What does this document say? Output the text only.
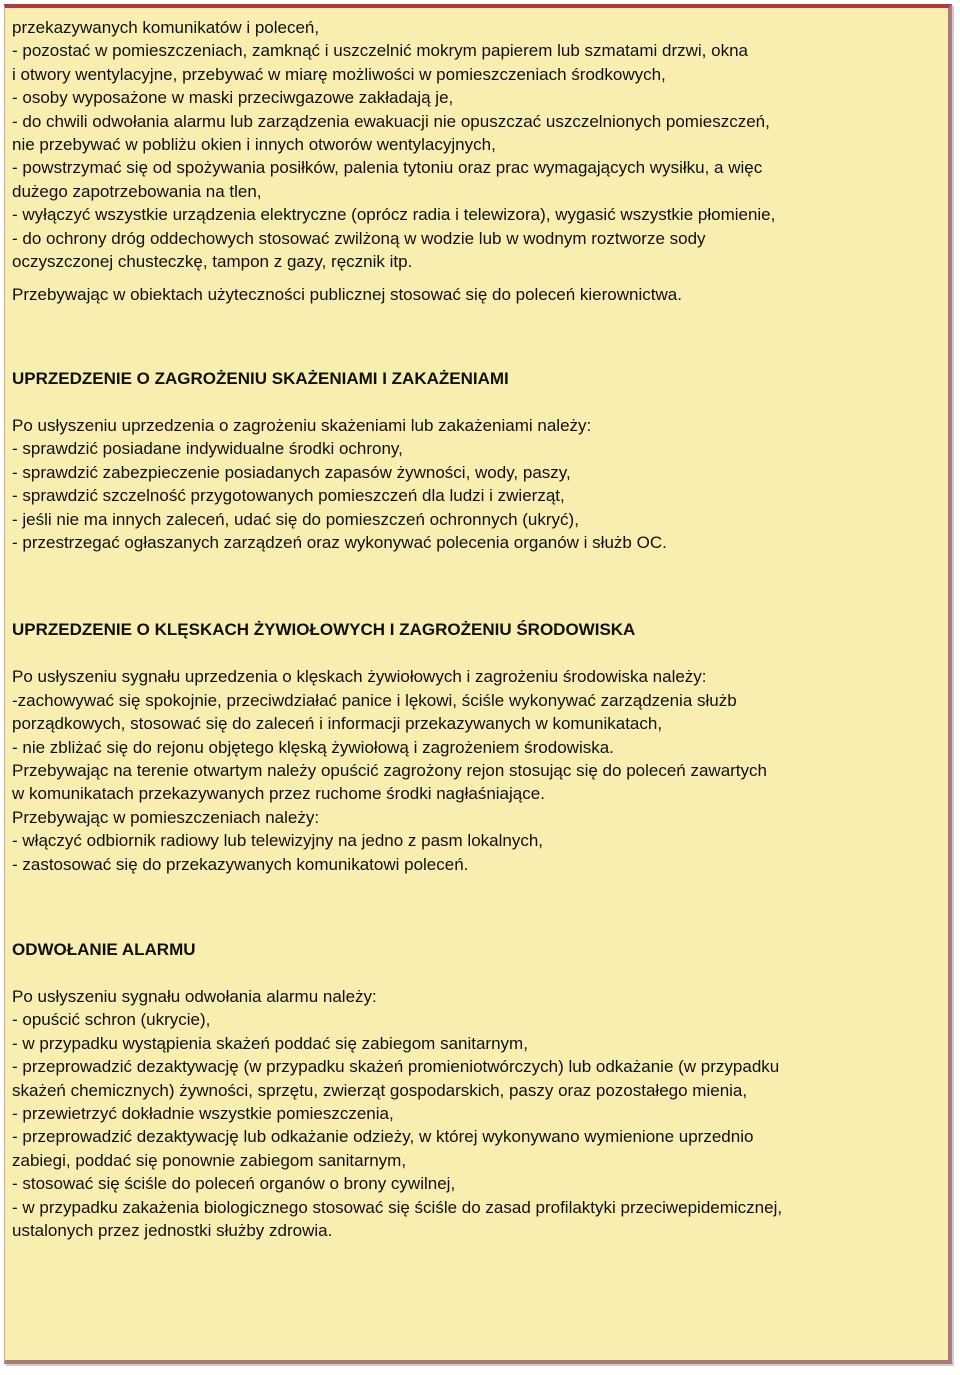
przekazywanych komunikatów i poleceń,
- pozostać w pomieszczeniach, zamknąć i uszczelnić mokrym papierem lub szmatami drzwi, okna
i otwory wentylacyjne, przebywać w miarę możliwości w pomieszczeniach środkowych,
- osoby wyposażone w maski przeciwgazowe zakładają je,
- do chwili odwołania alarmu lub zarządzenia ewakuacji nie opuszczać uszczelnionych pomieszczeń,
nie przebywać w pobliżu okien i innych otworów wentylacyjnych,
- powstrzymać się od spożywania posiłków, palenia tytoniu oraz prac wymagających wysiłku, a więc
dużego zapotrzebowania na tlen,
- wyłączyć wszystkie urządzenia elektryczne (oprócz radia i telewizora), wygasić wszystkie płomienie,
- do ochrony dróg oddechowych stosować zwilżoną w wodzie lub w wodnym roztworze sody
oczyszczonej chusteczkę, tampon z gazy, ręcznik itp.
Przebywając w obiektach użyteczności publicznej stosować się do poleceń kierownictwa.
UPRZEDZENIE O ZAGROŻENIU SKAŻENIAMI I ZAKAŻENIAMI
Po usłyszeniu uprzedzenia o zagrożeniu skażeniami lub zakażeniami należy:
- sprawdzić posiadane indywidualne środki ochrony,
- sprawdzić zabezpieczenie posiadanych zapasów żywności, wody, paszy,
- sprawdzić szczelność przygotowanych pomieszczeń dla ludzi i zwierząt,
- jeśli nie ma innych zaleceń, udać się do pomieszczeń ochronnych (ukryć),
- przestrzegać ogłaszanych zarządzeń oraz wykonywać polecenia organów i służb OC.
UPRZEDZENIE O KLĘSKACH ŻYWIOŁOWYCH I ZAGROŻENIU ŚRODOWISKA
Po usłyszeniu sygnału uprzedzenia o klęskach żywiołowych i zagrożeniu środowiska należy:
-zachowywać się spokojnie, przeciwdziałać panice i lękowi, ściśle wykonywać zarządzenia służb
porządkowych, stosować się do zaleceń i informacji przekazywanych w komunikatach,
- nie zbliżać się do rejonu objętego klęską żywiołową i zagrożeniem środowiska.
Przebywając na terenie otwartym należy opuścić zagrożony rejon stosując się do poleceń zawartych
w komunikatach przekazywanych przez ruchome środki nagłaśniające.
Przebywając w pomieszczeniach należy:
- włączyć odbiornik radiowy lub telewizyjny na jedno z pasm lokalnych,
- zastosować się do przekazywanych komunikatowi poleceń.
ODWOŁANIE ALARMU
Po usłyszeniu sygnału odwołania alarmu należy:
- opuścić schron (ukrycie),
- w przypadku wystąpienia skażeń poddać się zabiegom sanitarnym,
- przeprowadzić dezaktywację (w przypadku skażeń promieniotwórczych) lub odkażanie (w przypadku
skażeń chemicznych) żywności, sprzętu, zwierząt gospodarskich, paszy oraz pozostałego mienia,
- przewietrzyć dokładnie wszystkie pomieszczenia,
- przeprowadzić dezaktywację lub odkażanie odzieży, w której wykonywano wymienione uprzednio
zabiegi, poddać się ponownie zabiegom sanitarnym,
- stosować się ściśle do poleceń organów o brony cywilnej,
- w przypadku zakażenia biologicznego stosować się ściśle do zasad profilaktyki przeciwepidemicznej,
ustalonych przez jednostki służby zdrowia.
